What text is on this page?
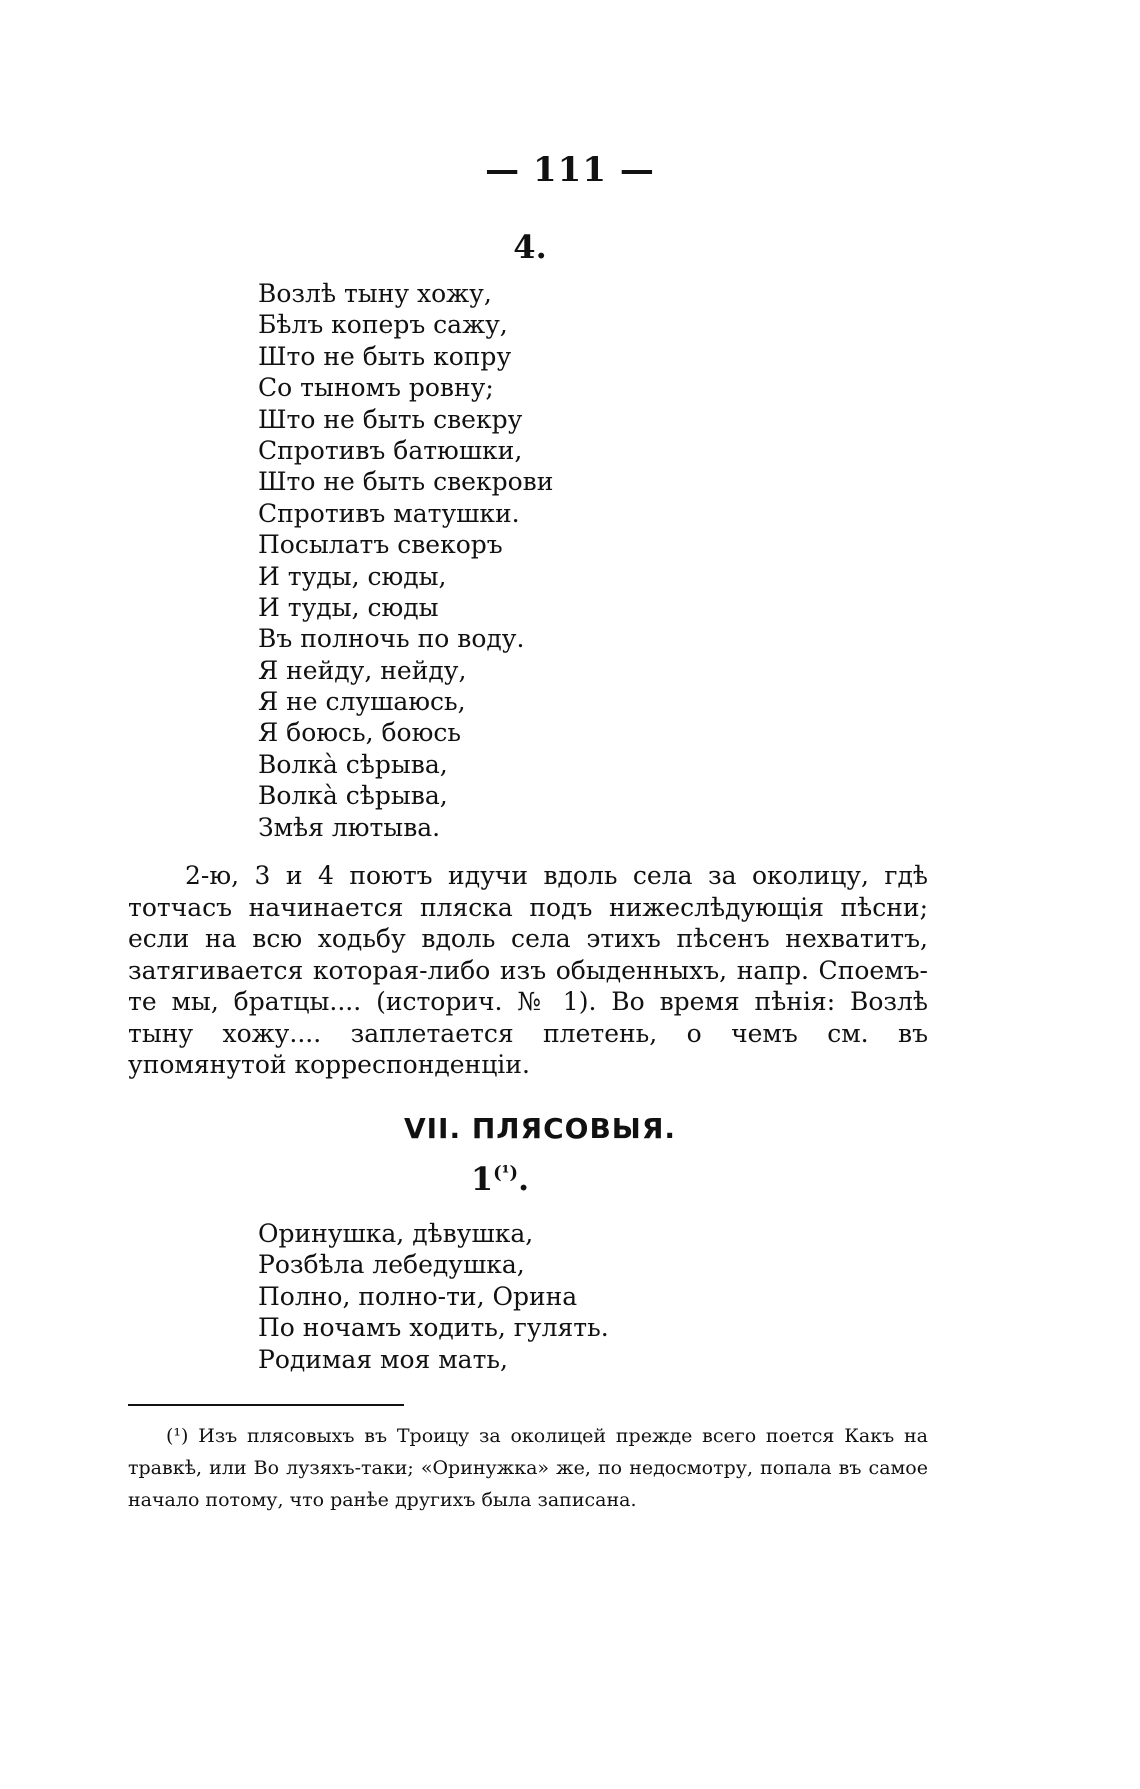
— 111 —
4.
Возлѣ тыну хожу,
Бѣлъ коперъ сажу,
Што не быть копру
Со тыномъ ровну;
Што не быть свекру
Спротивъ батюшки,
Што не быть свекрови
Спротивъ матушки.
Посылатъ свекоръ
И туды, сюды,
И туды, сюды
Въ полночь по воду.
Я нейду, нейду,
Я не слушаюсь,
Я боюсь, боюсь
Волкà сѣрыва,
Волкà сѣрыва,
Змѣя лютыва.

2-ю, 3 и 4 поютъ идучи вдоль села за околицу, гдѣ тотчасъ начинается пляска подъ нижеслѣдующія пѣсни; если на всю ходьбу вдоль села этихъ пѣсенъ нехватитъ, затягивается которая-либо изъ обыденныхъ, напр. Споемъ-те мы, братцы.... (историч. № 1). Во время пѣнія: Возлѣ тыну хожу.... заплетается плетень, о чемъ см. въ упомянутой корреспонденціи.

VII. ПЛЯСОВЫЯ.
$1^{(^1)}$.
Оринушка, дѣвушка,
Розбѣла лебедушка,
Полно, полно-ти, Орина
По ночамъ ходить, гулять.
Родимая моя мать,

(¹) Изъ плясовыхъ въ Троицу за околицей прежде всего поется Какъ на травкѣ, или Во лузяхъ-таки; «Оринужка» же, по недосмотру, попала въ самое начало потому, что ранѣе другихъ была записана.
